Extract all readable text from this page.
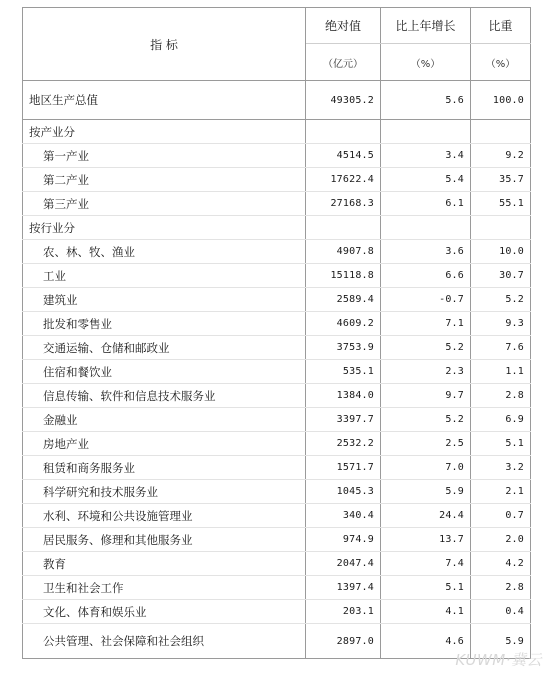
指 标	绝对值	比上年增长	比重
	（亿元）	（%）	（%）
地区生产总值	49305.2	5.6	100.0
按产业分			
第一产业	4514.5	3.4	9.2
第二产业	17622.4	5.4	35.7
第三产业	27168.3	6.1	55.1
按行业分			
农、林、牧、渔业	4907.8	3.6	10.0
工业	15118.8	6.6	30.7
建筑业	2589.4	-0.7	5.2
批发和零售业	4609.2	7.1	9.3
交通运输、仓储和邮政业	3753.9	5.2	7.6
住宿和餐饮业	535.1	2.3	1.1
信息传输、软件和信息技术服务业	1384.0	9.7	2.8
金融业	3397.7	5.2	6.9
房地产业	2532.2	2.5	5.1
租赁和商务服务业	1571.7	7.0	3.2
科学研究和技术服务业	1045.3	5.9	2.1
水利、环境和公共设施管理业	340.4	24.4	0.7
居民服务、修理和其他服务业	974.9	13.7	2.0
教育	2047.4	7.4	4.2
卫生和社会工作	1397.4	5.1	2.8
文化、体育和娱乐业	203.1	4.1	0.4
公共管理、社会保障和社会组织	2897.0	4.6	5.9
KUWM·冀云
